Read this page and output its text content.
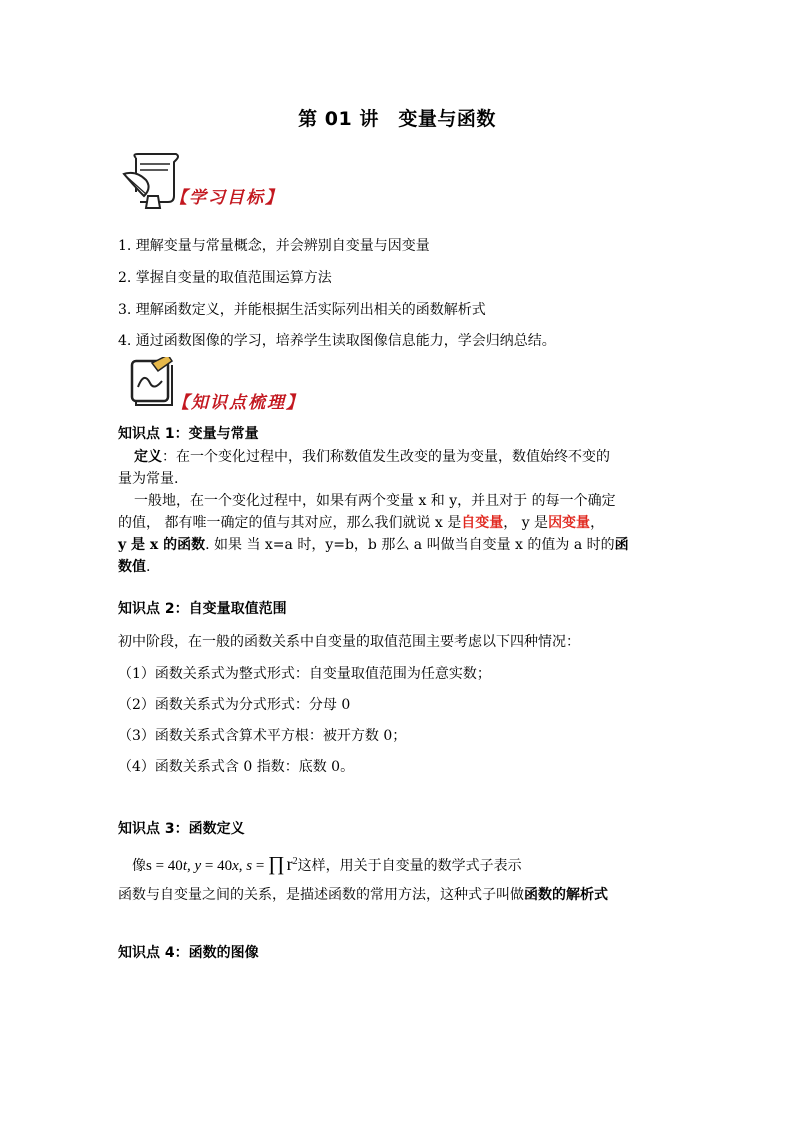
第 01 讲　变量与函数
【学习目标】
1. 理解变量与常量概念，并会辨别自变量与因变量
2. 掌握自变量的取值范围运算方法
3. 理解函数定义，并能根据生活实际列出相关的函数解析式
4. 通过函数图像的学习，培养学生读取图像信息能力，学会归纳总结。
【知识点梳理】
知识点 1：变量与常量
定义：在一个变化过程中，我们称数值发生改变的量为变量，数值始终不变的
量为常量.
一般地，在一个变化过程中，如果有两个变量 x 和 y，并且对于 的每一个确定
的值， 都有唯一确定的值与其对应，那么我们就说 x 是自变量， y 是因变量，
y 是 x 的函数. 如果 当 x=a 时，y=b，b 那么 a 叫做当自变量 x 的值为 a 时的函
数值.
知识点 2：自变量取值范围
初中阶段，在一般的函数关系中自变量的取值范围主要考虑以下四种情况：
（1）函数关系式为整式形式：自变量取值范围为任意实数；
（2）函数关系式为分式形式：分母 0
（3）函数关系式含算术平方根：被开方数 0；
（4）函数关系式含 0 指数：底数 0。
知识点 3：函数定义
像s = 40t, y = 40x, s = ∏ $r^2$这样，用关于自变量的数学式子表示
函数与自变量之间的关系，是描述函数的常用方法，这种式子叫做函数的解析式
知识点 4：函数的图像
